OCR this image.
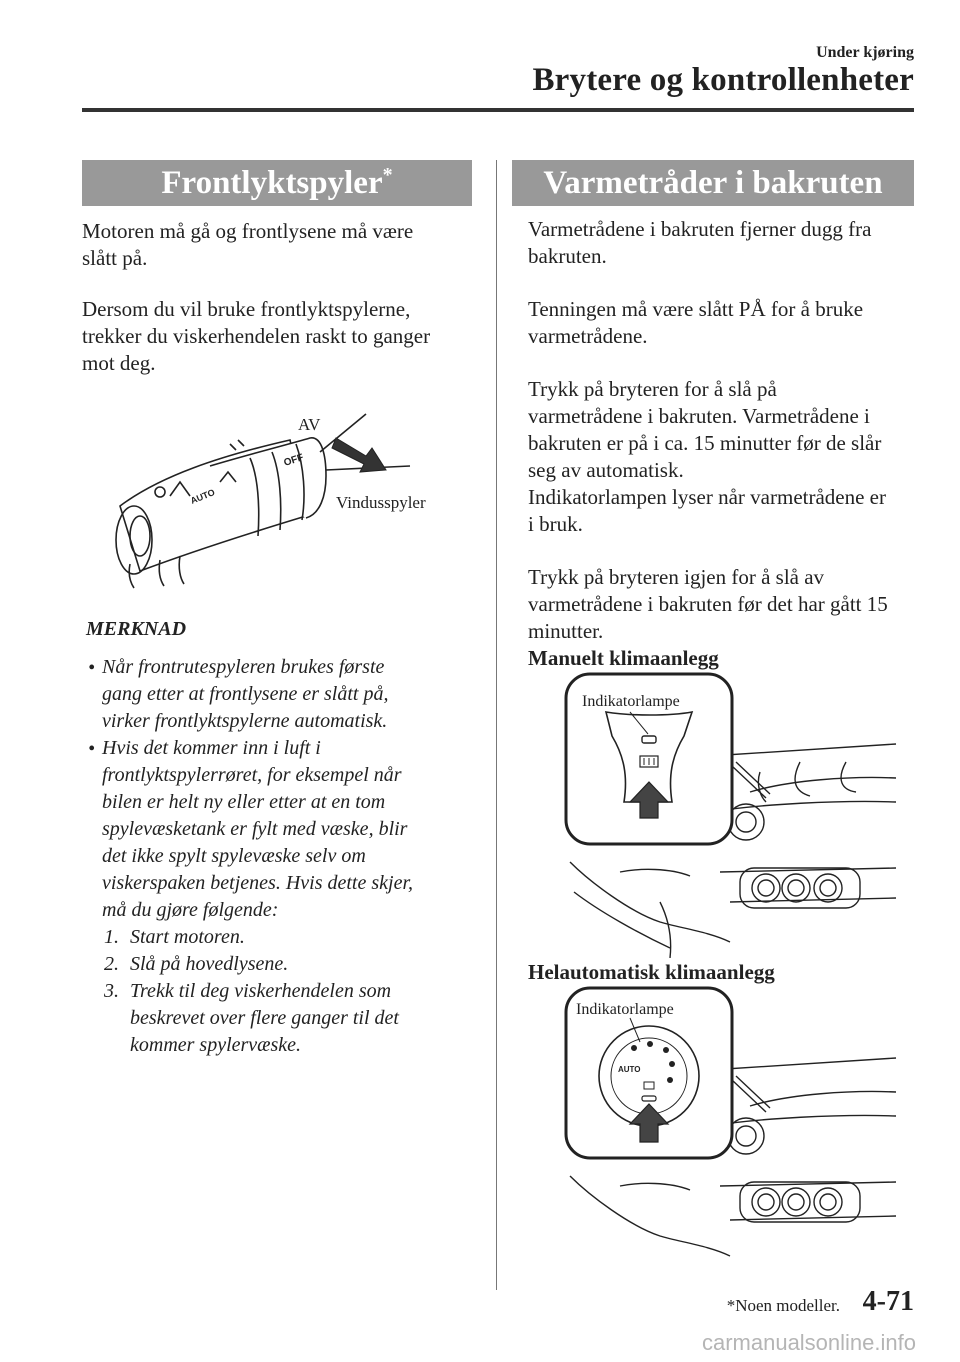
Under kjøring
Brytere og kontrollenheter
Frontlyktspyler*
Motoren må gå og frontlysene må være
slått på.
Dersom du vil bruke frontlyktspylerne,
trekker du viskerhendelen raskt to ganger
mot deg.
OFF
AUTO
AV
Vindusspyler
MERKNAD
• Når frontrutespyleren brukes første
gang etter at frontlysene er slått på,
virker frontlyktspylerne automatisk.
• Hvis det kommer inn i luft i
frontlyktspylerrøret, for eksempel når
bilen er helt ny eller etter at en tom
spylevæsketank er fylt med væske, blir
det ikke spylt spylevæske selv om
viskerspaken betjenes. Hvis dette skjer,
må du gjøre følgende:
1. Start motoren.
2. Slå på hovedlysene.
3. Trekk til deg viskerhendelen som
beskrevet over flere ganger til det
kommer spylervæske.
Varmetråder i bakruten
Varmetrådene i bakruten fjerner dugg fra
bakruten.
Tenningen må være slått PÅ for å bruke
varmetrådene.
Trykk på bryteren for å slå på
varmetrådene i bakruten. Varmetrådene i
bakruten er på i ca. 15 minutter før de slår
seg av automatisk.
Indikatorlampen lyser når varmetrådene er
i bruk.
Trykk på bryteren igjen for å slå av
varmetrådene i bakruten før det har gått 15
minutter.
Manuelt klimaanlegg
Indikatorlampe
Helautomatisk klimaanlegg
AUTO
Indikatorlampe
*Noen modeller. 4-71
carmanualsonline.info
